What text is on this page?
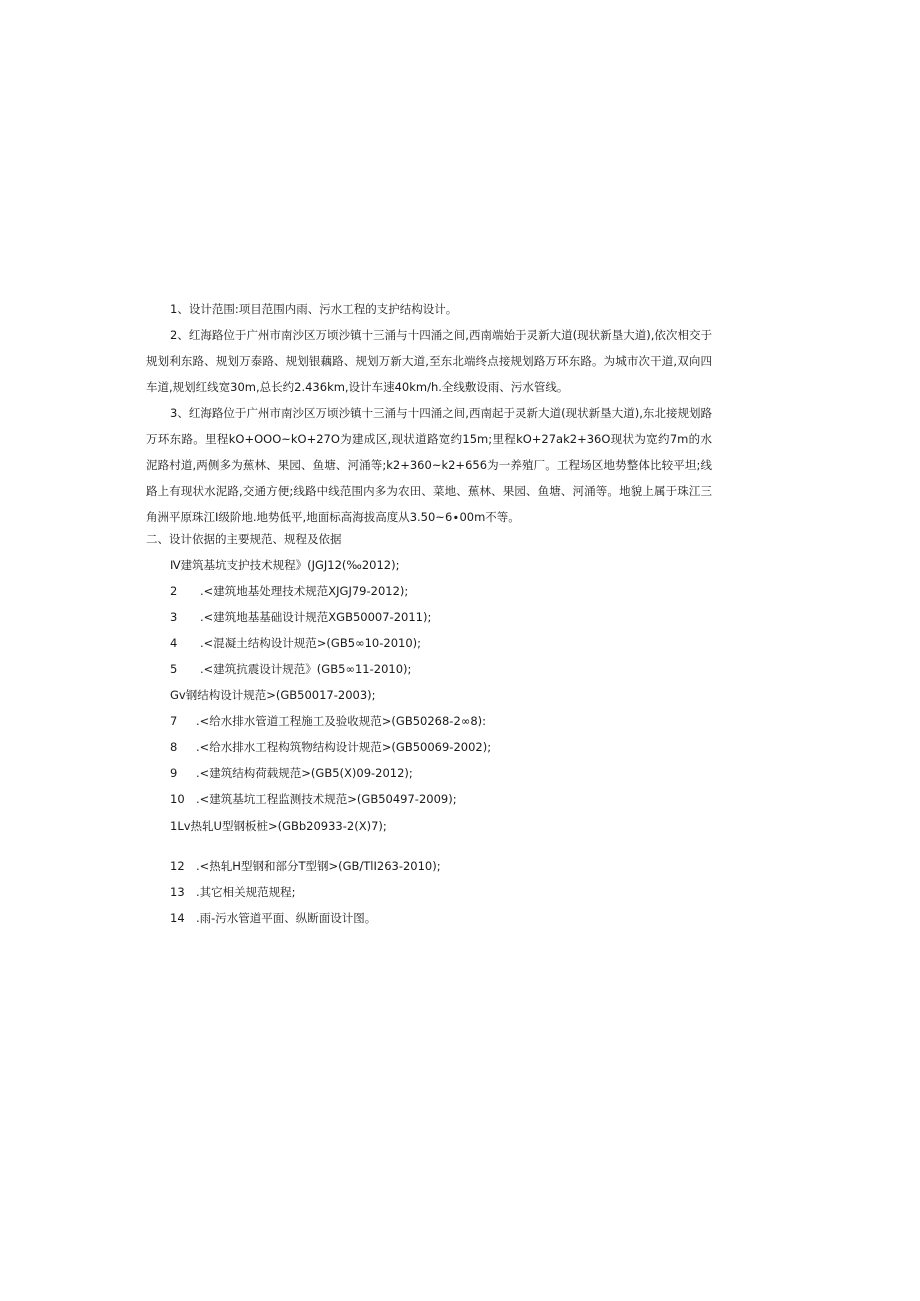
1、设计范围:项目范围内雨、污水工程的支护结构设计。

2、红海路位于广州市南沙区万顷沙镇十三涌与十四涌之间,西南端始于灵新大道(现状新垦大道),依次相交于规划利东路、规划万泰路、规划银藕路、规划万新大道,至东北端终点接规划路万环东路。为城市次干道,双向四车道,规划红线宽30m,总长约2.436km,设计车速40km∕h.全线敷设雨、污水管线。

3、红海路位于广州市南沙区万顷沙镇十三涌与十四涌之间,西南起于灵新大道(现状新垦大道),东北接规划路万环东路。里程kO+OOO~kO+27O为建成区,现状道路宽约15m;里程kO+27ak2+36O现状为宽约7m的水泥路村道,两侧多为蕉林、果园、鱼塘、河涌等;k2+360~k2+656为一养殖厂。工程场区地势整体比较平坦;线路上有现状水泥路,交通方便;线路中线范围内多为农田、菜地、蕉林、果园、鱼塘、河涌等。地貌上属于珠江三角洲平原珠江Ⅰ级阶地.地势低平,地面标高海拔高度从3.50~6∙00m不等。

二、设计依据的主要规范、规程及依据

Ⅳ建筑基坑支护技术规程》(JGJ12(‰2012);

2 .<建筑地基处理技术规范XJGJ79-2012);

3 .<建筑地基基础设计规范XGB50007-2011);

4 .<混凝土结构设计规范>(GB5∞10-2010);

5 .<建筑抗震设计规范》(GB5∞11-2010);

Gv钢结构设计规范>(GB50017-2003);

7 .<给水排水管道工程施工及验收规范>(GB50268-2∞8):

8 .<给水排水工程构筑物结构设计规范>(GB50069-2002);

9 .<建筑结构荷载规范>(GB5(X)09-2012);

10 .<建筑基坑工程监测技术规范>(GB50497-2009);

1Lv热轧U型钢板桩>(GBb20933-2(X)7);

12 .<热轧H型钢和部分T型钢>(GB∕TlI263-2010);

13 .其它相关规范规程;

14 .雨-污水管道平面、纵断面设计图。
